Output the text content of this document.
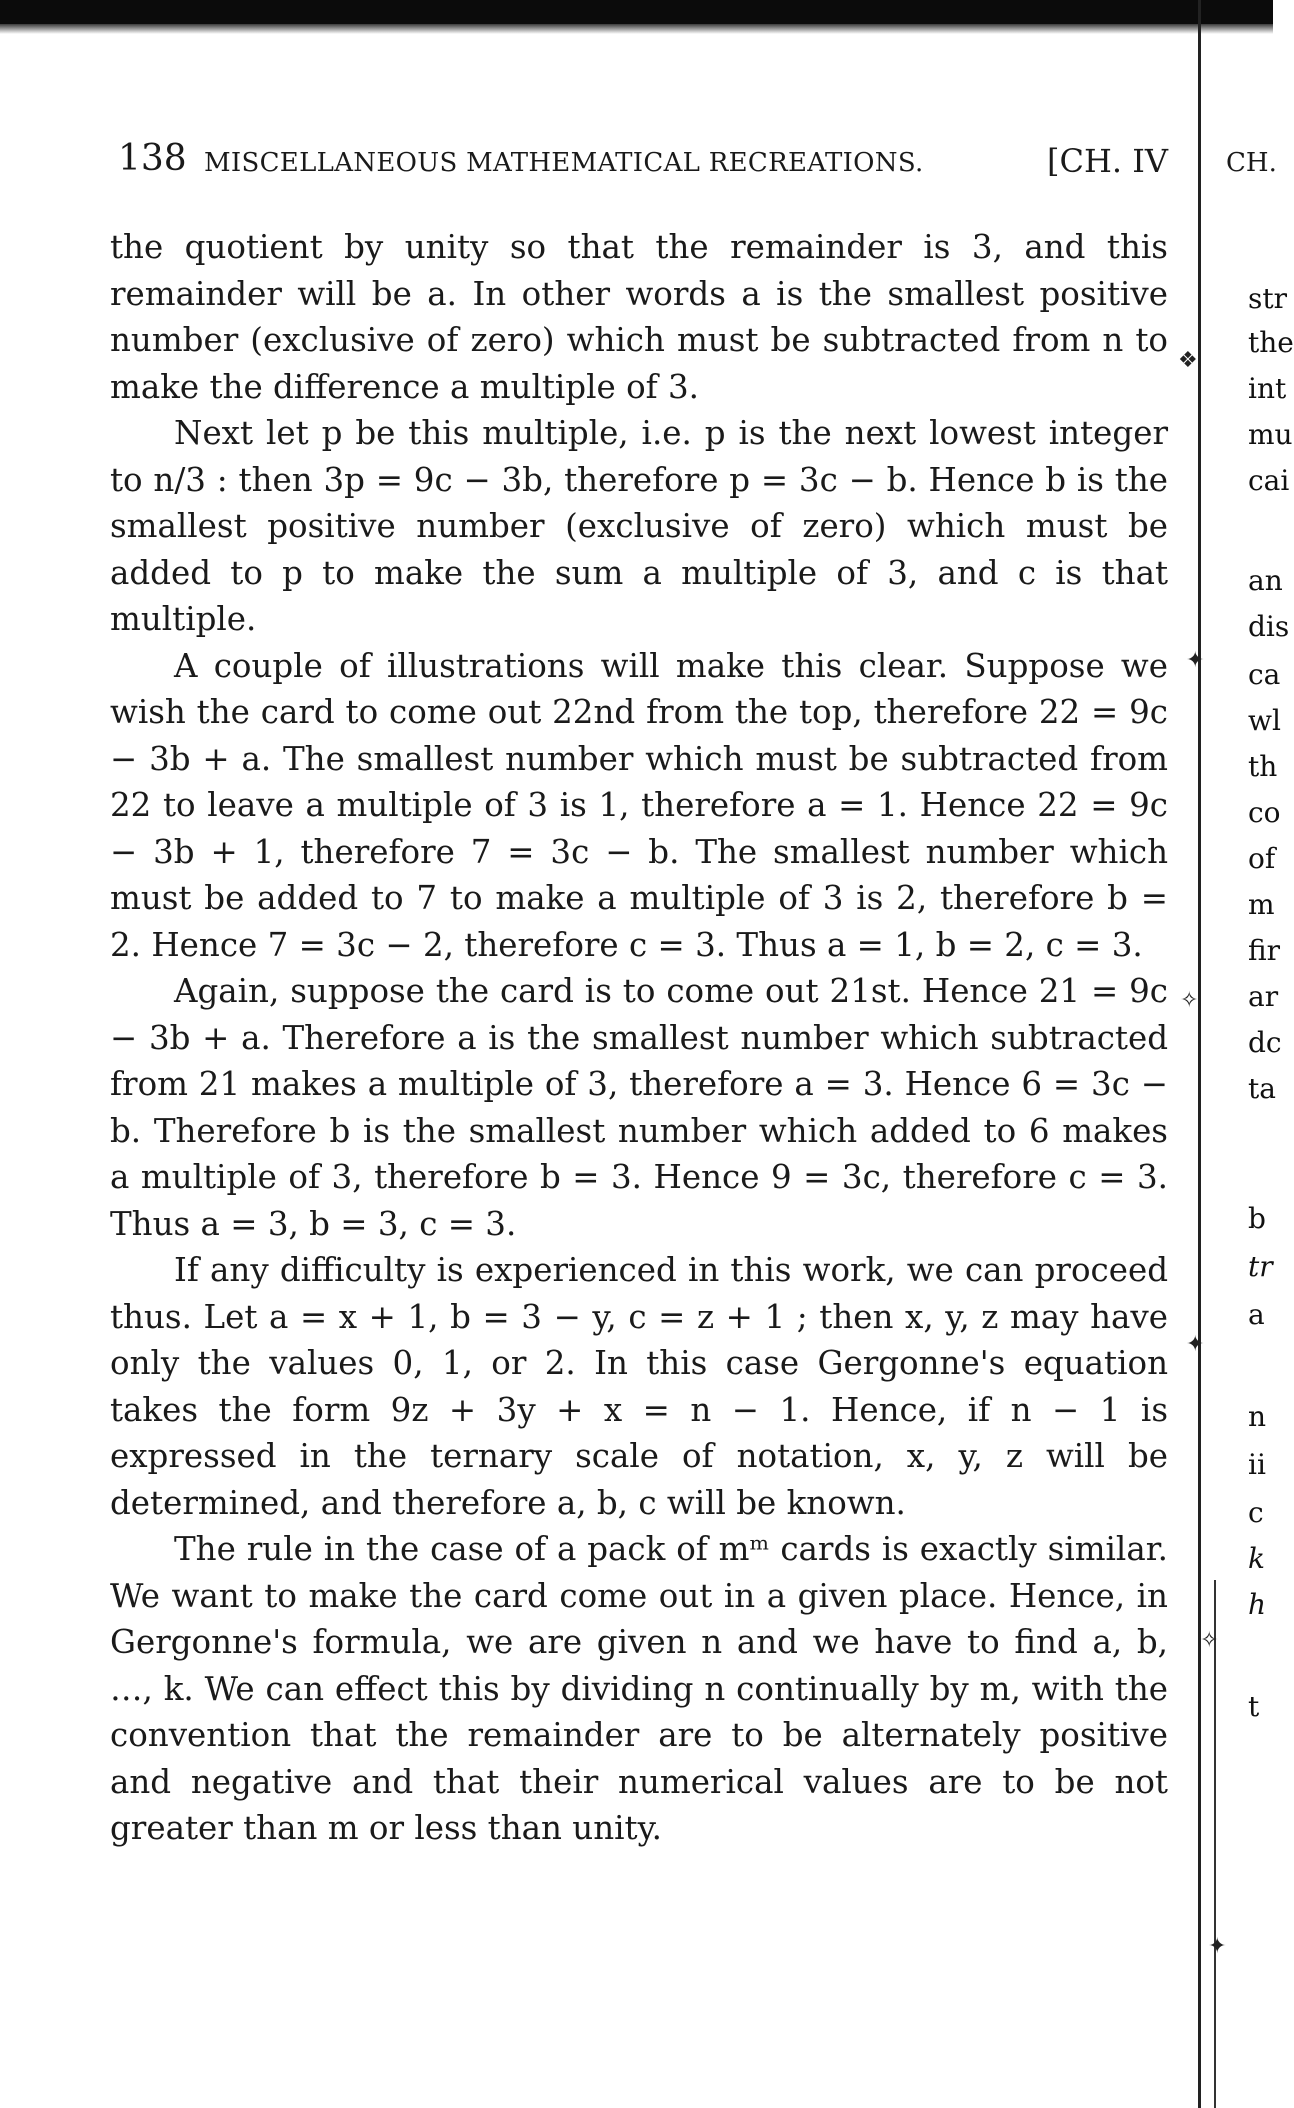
138 MISCELLANEOUS MATHEMATICAL RECREATIONS.	[CH. IV CH.

the quotient by unity so that the remainder is 3, and this remainder will be a. In other words a is the smallest positive number (exclusive of zero) which must be subtracted from n to make the difference a multiple of 3.

Next let p be this multiple, i.e. p is the next lowest integer to n/3 : then 3p = 9c − 3b, therefore p = 3c − b. Hence b is the smallest positive number (exclusive of zero) which must be added to p to make the sum a multiple of 3, and c is that multiple.

A couple of illustrations will make this clear. Suppose we wish the card to come out 22nd from the top, therefore 22 = 9c − 3b + a. The smallest number which must be subtracted from 22 to leave a multiple of 3 is 1, therefore a = 1. Hence 22 = 9c − 3b + 1, therefore 7 = 3c − b. The smallest number which must be added to 7 to make a multiple of 3 is 2, therefore b = 2. Hence 7 = 3c − 2, therefore c = 3. Thus a = 1, b = 2, c = 3.

Again, suppose the card is to come out 21st. Hence 21 = 9c − 3b + a. Therefore a is the smallest number which subtracted from 21 makes a multiple of 3, therefore a = 3. Hence 6 = 3c − b. Therefore b is the smallest number which added to 6 makes a multiple of 3, therefore b = 3. Hence 9 = 3c, therefore c = 3. Thus a = 3, b = 3, c = 3.

If any difficulty is experienced in this work, we can proceed thus. Let a = x + 1, b = 3 − y, c = z + 1 ; then x, y, z may have only the values 0, 1, or 2. In this case Gergonne's equation takes the form 9z + 3y + x = n − 1. Hence, if n − 1 is expressed in the ternary scale of notation, x, y, z will be determined, and therefore a, b, c will be known.

The rule in the case of a pack of mᵐ cards is exactly similar. We want to make the card come out in a given place. Hence, in Gergonne's formula, we are given n and we have to find a, b, …, k. We can effect this by dividing n continually by m, with the convention that the remainder are to be alternately positive and negative and that their numerical values are to be not greater than m or less than unity.

str
the
int
mu
cai
an
dis
ca
wl
th
co
of
m
fir
ar
dc
ta
b
tr
a
n
ii
c
k
h
t
❖
✦
✧
✦
✧
✦
